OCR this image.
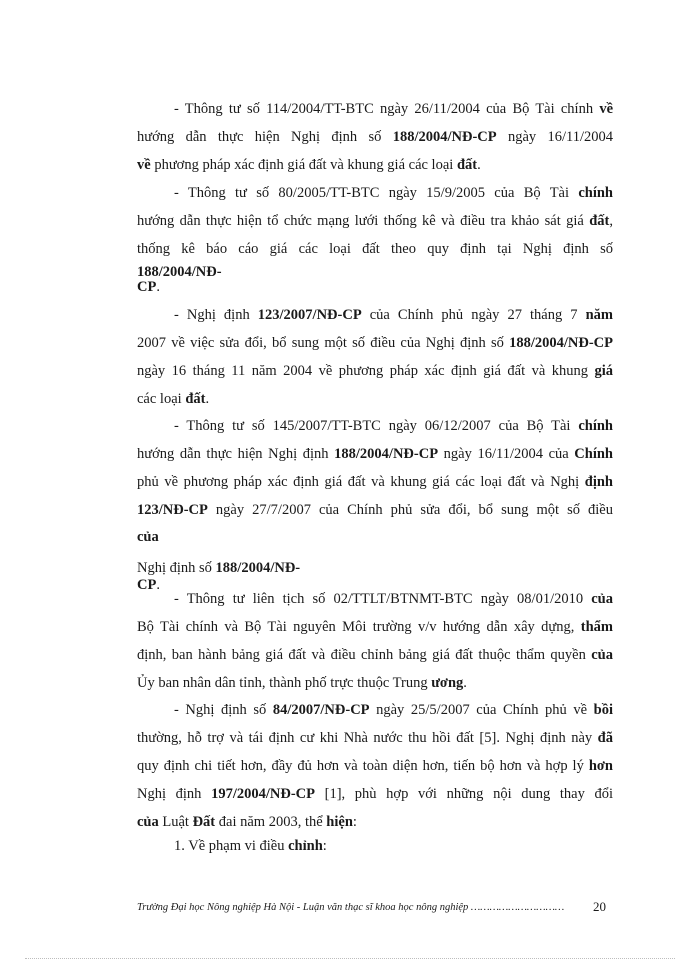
- Thông tư số 114/2004/TT-BTC ngày 26/11/2004 của Bộ Tài chính về
hướng dẫn thực hiện Nghị định số 188/2004/NĐ-CP ngày 16/11/2004
về phương pháp xác định giá đất và khung giá các loại đất.
- Thông tư số 80/2005/TT-BTC ngày 15/9/2005 của Bộ Tài chính
hướng dẫn thực hiện tổ chức mạng lưới thống kê và điều tra khảo sát giá đất,
thống kê báo cáo giá các loại đất theo quy định tại Nghị định số
188/2004/NĐ-
CP.
- Nghị định 123/2007/NĐ-CP của Chính phủ ngày 27 tháng 7 năm
2007 về việc sửa đổi, bổ sung một số điều của Nghị định số 188/2004/NĐ-CP
ngày 16 tháng 11 năm 2004 về phương pháp xác định giá đất và khung giá
các loại đất.
- Thông tư số 145/2007/TT-BTC ngày 06/12/2007 của Bộ Tài chính
hướng dẫn thực hiện Nghị định 188/2004/NĐ-CP ngày 16/11/2004 của Chính
phủ về phương pháp xác định giá đất và khung giá các loại đất và Nghị định
123/NĐ-CP ngày 27/7/2007 của Chính phủ sửa đổi, bổ sung một số điều
của
Nghị định số 188/2004/NĐ-
CP.
- Thông tư liên tịch số 02/TTLT/BTNMT-BTC ngày 08/01/2010 của
Bộ Tài chính và Bộ Tài nguyên Môi trường v/v hướng dẫn xây dựng, thẩm
định, ban hành bảng giá đất và điều chỉnh bảng giá đất thuộc thẩm quyền của
Ủy ban nhân dân tỉnh, thành phố trực thuộc Trung ương.
- Nghị định số 84/2007/NĐ-CP ngày 25/5/2007 của Chính phủ về bồi
thường, hỗ trợ và tái định cư khi Nhà nước thu hồi đất [5]. Nghị định này đã
quy định chi tiết hơn, đầy đủ hơn và toàn diện hơn, tiến bộ hơn và hợp lý hơn
Nghị định 197/2004/NĐ-CP [1], phù hợp với những nội dung thay đổi
của Luật Đất đai năm 2003, thể hiện:
1. Về phạm vi điều chỉnh:
Trường Đại học Nông nghiệp Hà Nội - Luận văn thạc sĩ khoa học nông nghiệp ………………………… 20
